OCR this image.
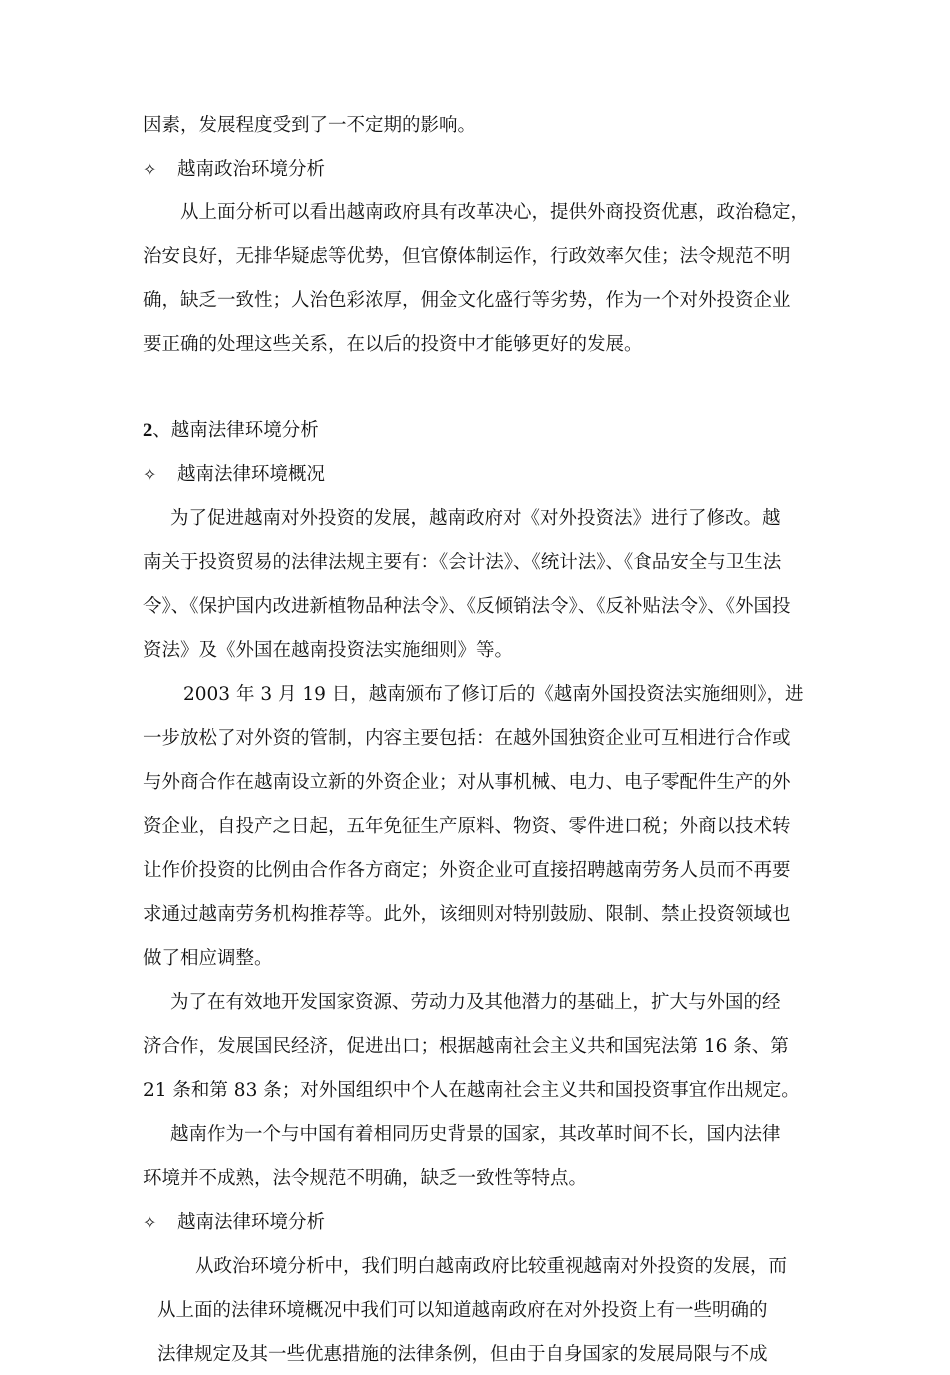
因素，发展程度受到了一不定期的影响。
✧ 越南政治环境分析
从上面分析可以看出越南政府具有改革决心，提供外商投资优惠，政治稳定，
治安良好，无排华疑虑等优势，但官僚体制运作，行政效率欠佳；法令规范不明
确，缺乏一致性；人治色彩浓厚，佣金文化盛行等劣势，作为一个对外投资企业
要正确的处理这些关系，在以后的投资中才能够更好的发展。
2、越南法律环境分析
✧ 越南法律环境概况
为了促进越南对外投资的发展，越南政府对《对外投资法》进行了修改。越
南关于投资贸易的法律法规主要有：《会计法》、《统计法》、《食品安全与卫生法
令》、《保护国内改进新植物品种法令》、《反倾销法令》、《反补贴法令》、《外国投
资法》及《外国在越南投资法实施细则》等。
2003 年 3 月 19 日，越南颁布了修订后的《越南外国投资法实施细则》，进
一步放松了对外资的管制，内容主要包括：在越外国独资企业可互相进行合作或
与外商合作在越南设立新的外资企业；对从事机械、电力、电子零配件生产的外
资企业，自投产之日起，五年免征生产原料、物资、零件进口税；外商以技术转
让作价投资的比例由合作各方商定；外资企业可直接招聘越南劳务人员而不再要
求通过越南劳务机构推荐等。此外，该细则对特别鼓励、限制、禁止投资领域也
做了相应调整。
为了在有效地开发国家资源、劳动力及其他潜力的基础上，扩大与外国的经
济合作，发展国民经济，促进出口；根据越南社会主义共和国宪法第 16 条、第
21 条和第 83 条；对外国组织中个人在越南社会主义共和国投资事宜作出规定。
越南作为一个与中国有着相同历史背景的国家，其改革时间不长，国内法律
环境并不成熟，法令规范不明确，缺乏一致性等特点。
✧ 越南法律环境分析
从政治环境分析中，我们明白越南政府比较重视越南对外投资的发展，而
从上面的法律环境概况中我们可以知道越南政府在对外投资上有一些明确的
法律规定及其一些优惠措施的法律条例，但由于自身国家的发展局限与不成
